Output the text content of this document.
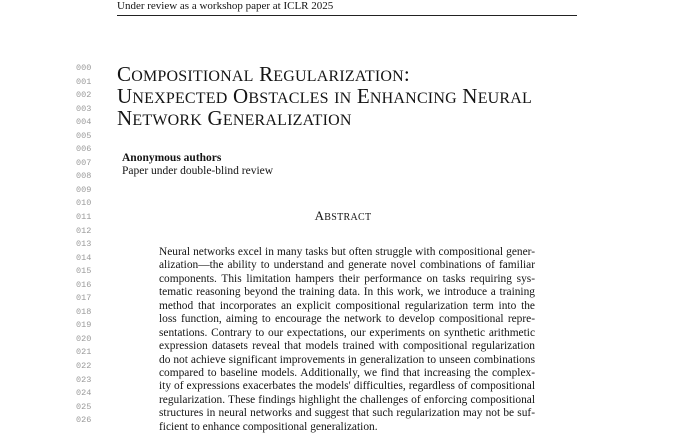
Under review as a workshop paper at ICLR 2025
000
001
002
003
004
005
006
007
008
009
010
011
012
013
014
015
016
017
018
019
020
021
022
023
024
025
026
COMPOSITIONAL REGULARIZATION:
UNEXPECTED OBSTACLES IN ENHANCING NEURAL
NETWORK GENERALIZATION
Anonymous authors
Paper under double-blind review
ABSTRACT
Neural networks excel in many tasks but often struggle with compositional gener-
alization—the ability to understand and generate novel combinations of familiar
components. This limitation hampers their performance on tasks requiring sys-
tematic reasoning beyond the training data. In this work, we introduce a training
method that incorporates an explicit compositional regularization term into the
loss function, aiming to encourage the network to develop compositional repre-
sentations. Contrary to our expectations, our experiments on synthetic arithmetic
expression datasets reveal that models trained with compositional regularization
do not achieve significant improvements in generalization to unseen combinations
compared to baseline models. Additionally, we find that increasing the complex-
ity of expressions exacerbates the models' difficulties, regardless of compositional
regularization. These findings highlight the challenges of enforcing compositional
structures in neural networks and suggest that such regularization may not be suf-
ficient to enhance compositional generalization.
